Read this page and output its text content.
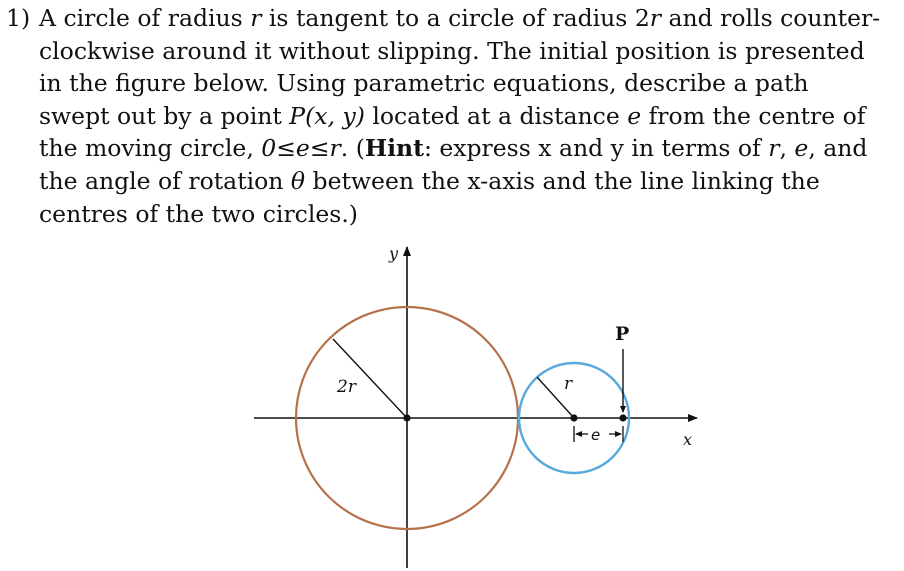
1) A circle of radius r is tangent to a circle of radius 2r and rolls counter-
clockwise around it without slipping. The initial position is presented
in the figure below. Using parametric equations, describe a path
swept out by a point P(x, y) located at a distance e from the centre of
the moving circle, 0≤e≤r. (Hint: express x and y in terms of r, e, and
the angle of rotation θ between the x-axis and the line linking the
centres of the two circles.)
y
x
P
2r	r
e
